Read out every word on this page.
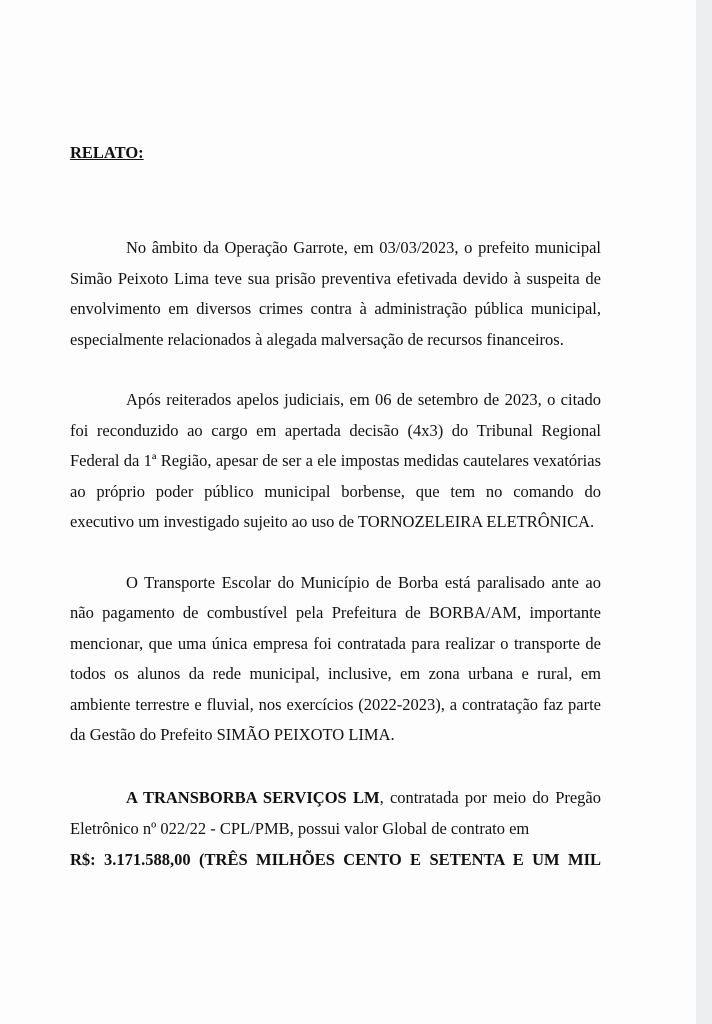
RELATO:

No âmbito da Operação Garrote, em 03/03/2023, o prefeito municipal Simão Peixoto Lima teve sua prisão preventiva efetivada devido à suspeita de envolvimento em diversos crimes contra à administração pública municipal, especialmente relacionados à alegada malversação de recursos financeiros.

Após reiterados apelos judiciais, em 06 de setembro de 2023, o citado foi reconduzido ao cargo em apertada decisão (4x3) do Tribunal Regional Federal da 1ª Região, apesar de ser a ele impostas medidas cautelares vexatórias ao próprio poder público municipal borbense, que tem no comando do executivo um investigado sujeito ao uso de TORNOZELEIRA ELETRÔNICA.

O Transporte Escolar do Município de Borba está paralisado ante ao não pagamento de combustível pela Prefeitura de BORBA/AM, importante mencionar, que uma única empresa foi contratada para realizar o transporte de todos os alunos da rede municipal, inclusive, em zona urbana e rural, em ambiente terrestre e fluvial, nos exercícios (2022-2023), a contratação faz parte da Gestão do Prefeito SIMÃO PEIXOTO LIMA.

A TRANSBORBA SERVIÇOS LM, contratada por meio do Pregão Eletrônico nº 022/22 - CPL/PMB, possui valor Global de contrato em
R$: 3.171.588,00 (TRÊS MILHÕES CENTO E SETENTA E UM MIL
